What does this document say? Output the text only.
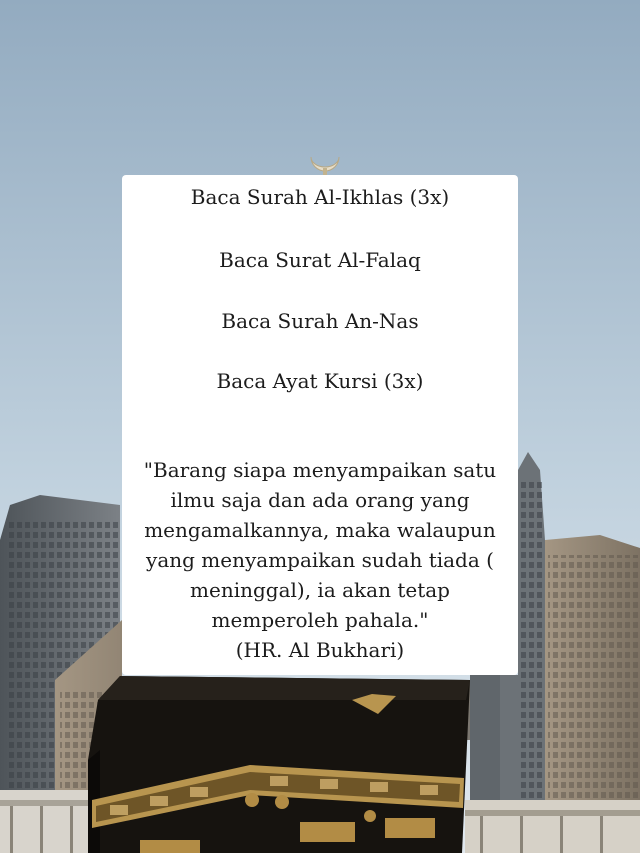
Baca Surah Al-Ikhlas (3x)
Baca Surat Al-Falaq
Baca Surah An-Nas
Baca Ayat Kursi (3x)
"Barang siapa menyampaikan satu
ilmu saja dan ada orang yang
mengamalkannya, maka walaupun
yang menyampaikan sudah tiada (
meninggal), ia akan tetap
memperoleh pahala."
(HR. Al Bukhari)
